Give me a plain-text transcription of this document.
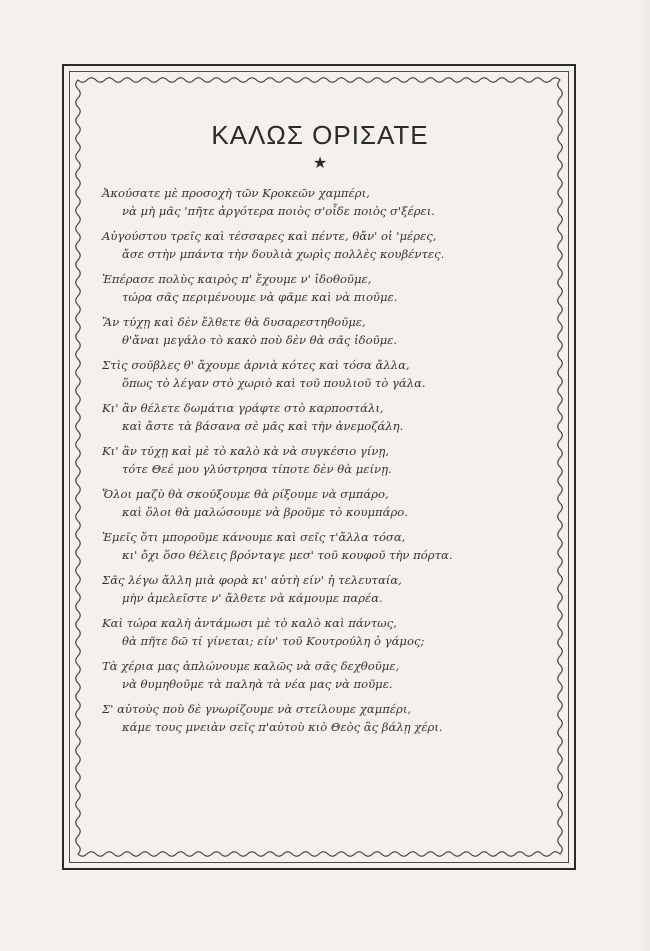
ΚΑΛΩΣ ΟΡΙΣΑΤΕ
★
Ἀκούσατε μὲ προσοχὴ τῶν Κροκεῶν χαμπέρι,
νὰ μὴ μᾶς 'πῆτε ἀργότερα ποιὸς σ'οἶδε ποιὸς σ'ξέρει.
Αὐγούστου τρεῖς καὶ τέσσαρες καὶ πέντε, θἄν' οἱ 'μέρες,
ἄσε στὴν μπάντα τὴν δουλιὰ χωρὶς πολλὲς κουβέντες.
Ἐπέρασε πολὺς καιρὸς π' ἔχουμε ν' ἰδοθοῦμε,
τώρα σᾶς περιμένουμε νὰ φᾶμε καὶ νὰ πιοῦμε.
Ἂν τύχῃ καὶ δὲν ἔλθετε θὰ δυσαρεστηθοῦμε,
θ'ἄναι μεγάλο τὸ κακὸ ποὺ δὲν θὰ σᾶς ἰδοῦμε.
Στὶς σοῦβλες θ' ἄχουμε ἀρνιὰ κότες καὶ τόσα ἄλλα,
ὅπως τὸ λέγαν στὸ χωριὸ καὶ τοῦ πουλιοῦ τὸ γάλα.
Κι' ἂν θέλετε δωμάτια γράφτε στὸ καρποστάλι,
καὶ ἄστε τὰ βάσανα σὲ μᾶς καὶ τὴν ἀνεμοζάλη.
Κι' ἂν τύχῃ καὶ μὲ τὸ καλὸ κὰ νὰ συγκέσιο γίνῃ,
τότε Θεέ μου γλύστρησα τίποτε δὲν θὰ μείνῃ.
Ὅλοι μαζὺ θὰ σκούξουμε θὰ ρίξουμε νὰ σμπάρο,
καὶ ὅλοι θὰ μαλώσουμε νὰ βροῦμε τὸ κουμπάρο.
Ἐμεῖς ὅτι μποροῦμε κάνουμε καὶ σεῖς τ'ἄλλα τόσα,
κι' ὄχι ὅσο θέλεις βρόνταγε μεσ' τοῦ κουφοῦ τὴν πόρτα.
Σᾶς λέγω ἄλλη μιὰ φορὰ κι' αὐτὴ είν' ἡ τελευταία,
μὴν ἀμελεῖστε ν' ἄλθετε νὰ κάμουμε παρέα.
Καὶ τώρα καλὴ ἀντάμωσι μὲ τὸ καλὸ καὶ πάντως,
θὰ πῆτε δῶ τί γίνεται; είν' τοῦ Κουτρούλη ὁ γάμος;
Τὰ χέρια μας ἁπλώνουμε καλῶς νὰ σᾶς δεχθοῦμε,
νὰ θυμηθοῦμε τὰ παληὰ τὰ νέα μας νὰ ποῦμε.
Σ' αὐτοὺς ποὺ δὲ γνωρίζουμε νὰ στείλουμε χαμπέρι,
κάμε τους μνειὰν σεῖς π'αὐτοὺ κιὸ Θεὸς ἂς βάλῃ χέρι.
